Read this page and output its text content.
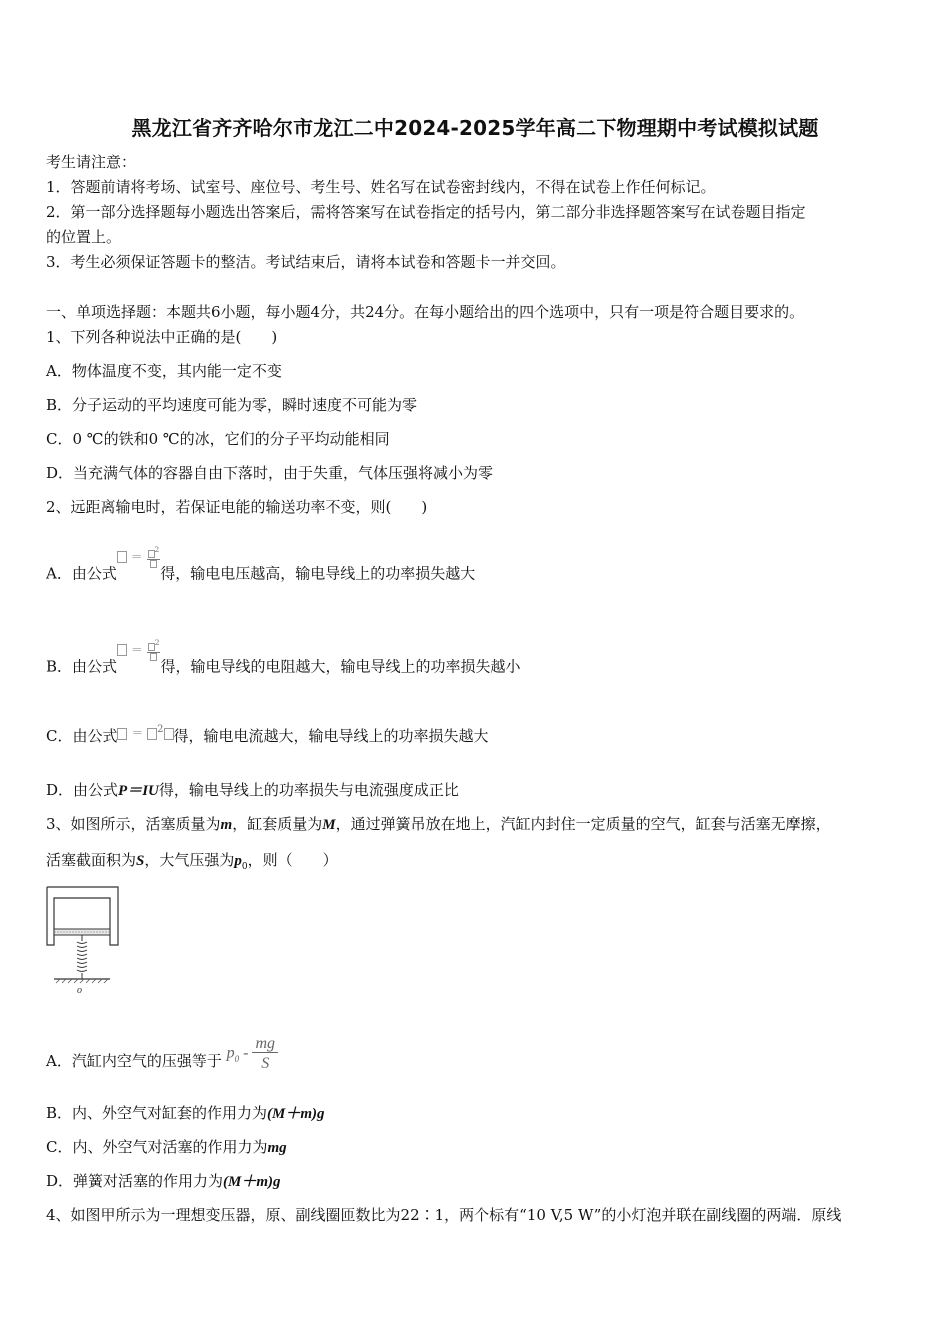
黑龙江省齐齐哈尔市龙江二中2024-2025学年高二下物理期中考试模拟试题
考生请注意：
1．答题前请将考场、试室号、座位号、考生号、姓名写在试卷密封线内，不得在试卷上作任何标记。
2．第一部分选择题每小题选出答案后，需将答案写在试卷指定的括号内，第二部分非选择题答案写在试卷题目指定
的位置上。
3．考生必须保证答题卡的整洁。考试结束后，请将本试卷和答题卡一并交回。
一、单项选择题：本题共6小题，每小题4分，共24分。在每小题给出的四个选项中，只有一项是符合题目要求的。
1、下列各种说法中正确的是(　　)
A．物体温度不变，其内能一定不变
B．分子运动的平均速度可能为零，瞬时速度不可能为零
C．0 ℃的铁和0 ℃的冰，它们的分子平均动能相同
D．当充满气体的容器自由下落时，由于失重，气体压强将减小为零
2、远距离输电时，若保证电能的输送功率不变，则(　　)
A．由公式 $^{= ^2}$
得，输电电压越高，输电导线上的功率损失越大
B．由公式 $^{= ^2}$
得，输电导线的电阻越大，输电导线上的功率损失越小
C．由公式 $^{= ^2}$ 得，输电电流越大，输电导线上的功率损失越大
D．由公式P＝IU得，输电导线上的功率损失与电流强度成正比
3、如图所示，活塞质量为m，缸套质量为M，通过弹簧吊放在地上，汽缸内封住一定质量的空气，缸套与活塞无摩擦，
活塞截面积为S，大气压强为$p_0$，则（　　）
o
A．汽缸内空气的压强等于 $p_0 - \frac{mg}{S}$
B．内、外空气对缸套的作用力为(M＋m)g
C．内、外空气对活塞的作用力为mg
D．弹簧对活塞的作用力为(M＋m)g
4、如图甲所示为一理想变压器，原、副线圈匝数比为22∶1，两个标有“10 V,5 W”的小灯泡并联在副线圈的两端．原线
